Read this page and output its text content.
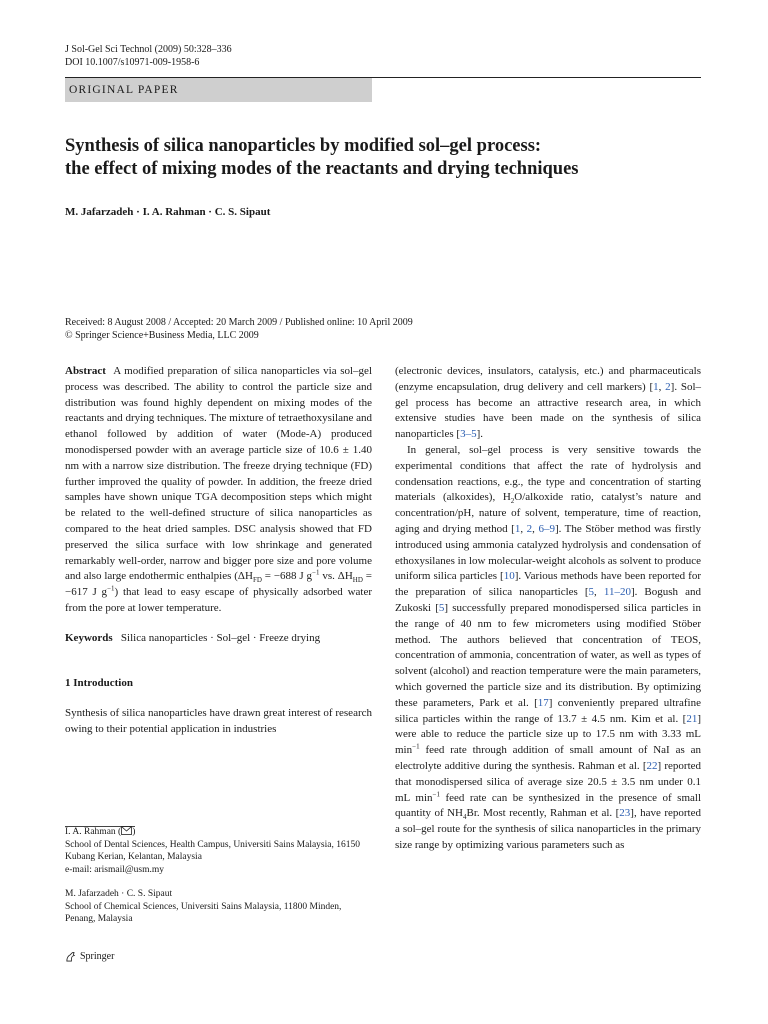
J Sol-Gel Sci Technol (2009) 50:328–336
DOI 10.1007/s10971-009-1958-6
ORIGINAL PAPER
Synthesis of silica nanoparticles by modified sol–gel process:
the effect of mixing modes of the reactants and drying techniques
M. Jafarzadeh · I. A. Rahman · C. S. Sipaut
Received: 8 August 2008 / Accepted: 20 March 2009 / Published online: 10 April 2009
© Springer Science+Business Media, LLC 2009

Abstract A modified preparation of silica nanoparticles via sol–gel process was described. The ability to control the particle size and distribution was found highly dependent on mixing modes of the reactants and drying techniques. The mixture of tetraethoxysilane and ethanol followed by addition of water (Mode-A) produced monodispersed powder with an average particle size of 10.6 ± 1.40 nm with a narrow size distribution. The freeze drying technique (FD) further improved the quality of powder. In addition, the freeze dried samples have shown unique TGA decomposition steps which might be related to the well-defined structure of silica nanoparticles as compared to the heat dried samples. DSC analysis showed that FD preserved the silica surface with low shrinkage and generated remarkably well-order, narrow and bigger pore size and pore volume and also large endothermic enthalpies ($\Delta H_{FD} = -688$ J $g^{-1}$ vs. $\Delta H_{HD} = -617$ J $g^{-1}$) that lead to easy escape of physically adsorbed water from the pore at lower temperature.

Keywords Silica nanoparticles · Sol–gel · Freeze drying

1 Introduction

Synthesis of silica nanoparticles have drawn great interest of research owing to their potential application in industries

I. A. Rahman ( )
School of Dental Sciences, Health Campus, Universiti Sains Malaysia, 16150 Kubang Kerian, Kelantan, Malaysia
e-mail: arismail@usm.my
M. Jafarzadeh · C. S. Sipaut
School of Chemical Sciences, Universiti Sains Malaysia, 11800 Minden, Penang, Malaysia
Springer

(electronic devices, insulators, catalysis, etc.) and pharmaceuticals (enzyme encapsulation, drug delivery and cell markers) [1, 2]. Sol–gel process has become an attractive research area, in which extensive studies have been made on the synthesis of silica nanoparticles [3–5].

In general, sol–gel process is very sensitive towards the experimental conditions that affect the rate of hydrolysis and condensation reactions, e.g., the type and concentration of starting materials (alkoxides), $H_2O$/alkoxide ratio, catalyst’s nature and concentration/pH, nature of solvent, temperature, time of reaction, aging and drying method [1, 2, 6–9]. The Stöber method was firstly introduced using ammonia catalyzed hydrolysis and condensation of ethoxysilanes in low molecular-weight alcohols as solvent to produce uniform silica particles [10]. Various methods have been reported for the preparation of silica nanoparticles [5, 11–20]. Bogush and Zukoski [5] successfully prepared monodispersed silica particles in the range of 40 nm to few micrometers using modified Stöber method. The authors believed that concentration of TEOS, concentration of ammonia, concentration of water, as well as types of solvent (alcohol) and reaction temperature were the main parameters, which governed the particle size and its distribution. By optimizing these parameters, Park et al. [17] conveniently prepared ultrafine silica particles within the range of 13.7 ± 4.5 nm. Kim et al. [21] were able to reduce the particle size up to 17.5 nm with 3.33 mL $\min^{-1}$ feed rate through addition of small amount of NaI as an electrolyte additive during the synthesis. Rahman et al. [22] reported that monodispersed silica of average size 20.5 ± 3.5 nm under 0.1 mL $\min^{-1}$ feed rate can be synthesized in the presence of small quantity of $NH_4Br$. Most recently, Rahman et al. [23], have reported a sol–gel route for the synthesis of silica nanoparticles in the primary size range by optimizing various parameters such as
